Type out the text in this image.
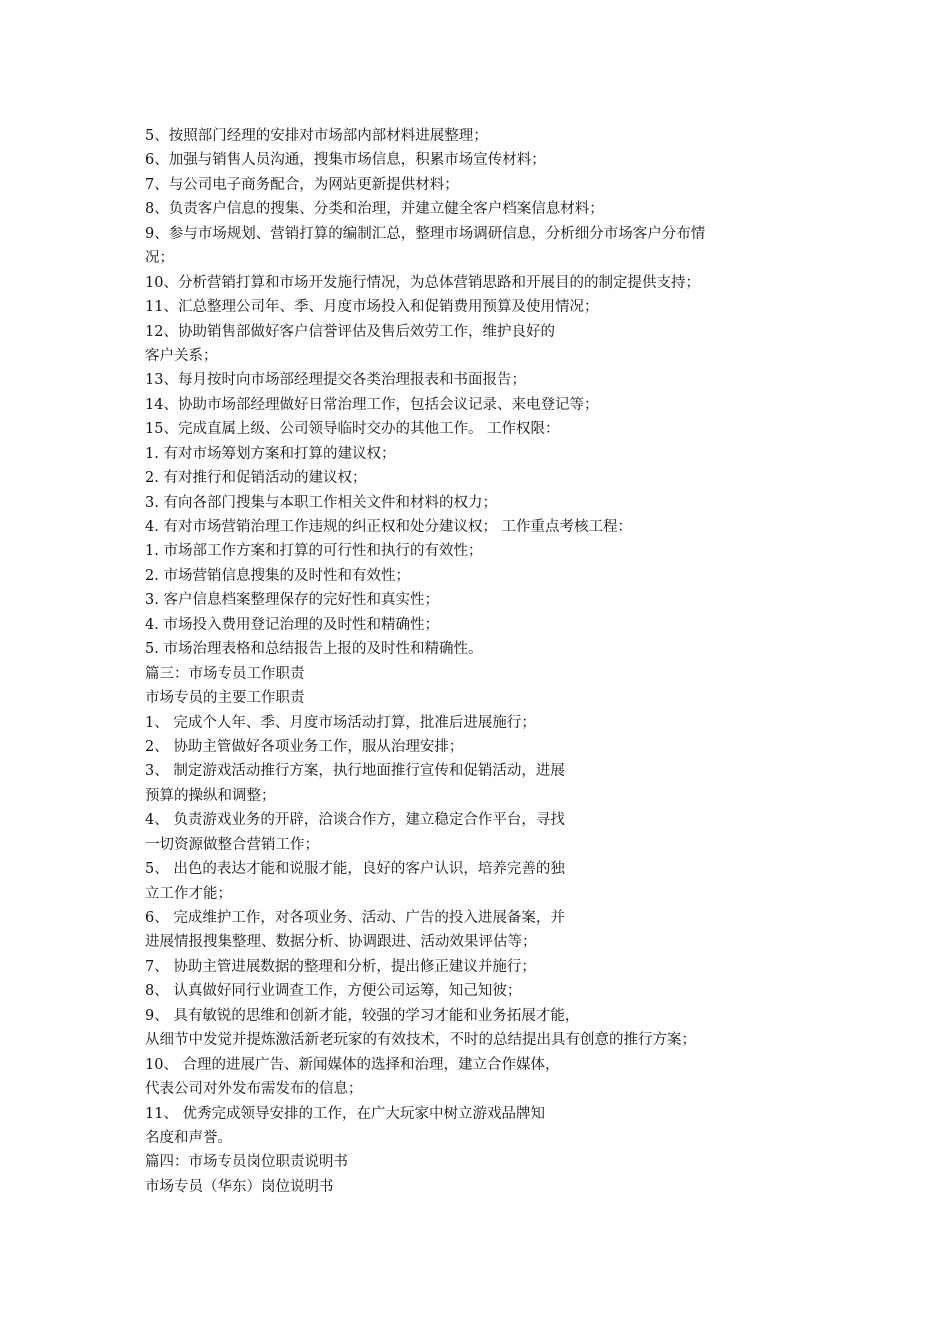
5、按照部门经理的安排对市场部内部材料进展整理；
6、加强与销售人员沟通，搜集市场信息，积累市场宣传材料；
7、与公司电子商务配合，为网站更新提供材料；
8、负责客户信息的搜集、分类和治理，并建立健全客户档案信息材料；
9、参与市场规划、营销打算的编制汇总，整理市场调研信息，分析细分市场客户分布情
况；
10、分析营销打算和市场开发施行情况，为总体营销思路和开展目的的制定提供支持；
11、汇总整理公司年、季、月度市场投入和促销费用预算及使用情况；
12、协助销售部做好客户信誉评估及售后效劳工作，维护良好的
客户关系；
13、每月按时向市场部经理提交各类治理报表和书面报告；
14、协助市场部经理做好日常治理工作，包括会议记录、来电登记等；
15、完成直属上级、公司领导临时交办的其他工作。 工作权限：
1. 有对市场筹划方案和打算的建议权；
2. 有对推行和促销活动的建议权；
3. 有向各部门搜集与本职工作相关文件和材料的权力；
4. 有对市场营销治理工作违规的纠正权和处分建议权； 工作重点考核工程：
1. 市场部工作方案和打算的可行性和执行的有效性；
2. 市场营销信息搜集的及时性和有效性；
3. 客户信息档案整理保存的完好性和真实性；
4. 市场投入费用登记治理的及时性和精确性；
5. 市场治理表格和总结报告上报的及时性和精确性。
篇三：市场专员工作职责
市场专员的主要工作职责
1、 完成个人年、季、月度市场活动打算，批准后进展施行；
2、 协助主管做好各项业务工作，服从治理安排；
3、 制定游戏活动推行方案，执行地面推行宣传和促销活动，进展
预算的操纵和调整；
4、 负责游戏业务的开辟，洽谈合作方，建立稳定合作平台，寻找
一切资源做整合营销工作；
5、 出色的表达才能和说服才能，良好的客户认识，培养完善的独
立工作才能；
6、 完成维护工作，对各项业务、活动、广告的投入进展备案，并
进展情报搜集整理、数据分析、协调跟进、活动效果评估等；
7、 协助主管进展数据的整理和分析，提出修正建议并施行；
8、 认真做好同行业调查工作，方便公司运筹，知己知彼；
9、 具有敏锐的思维和创新才能，较强的学习才能和业务拓展才能，
从细节中发觉并提炼激活新老玩家的有效技术，不时的总结提出具有创意的推行方案；
10、 合理的进展广告、新闻媒体的选择和治理，建立合作媒体，
代表公司对外发布需发布的信息；
11、 优秀完成领导安排的工作，在广大玩家中树立游戏品牌知
名度和声誉。
篇四：市场专员岗位职责说明书
市场专员（华东）岗位说明书
